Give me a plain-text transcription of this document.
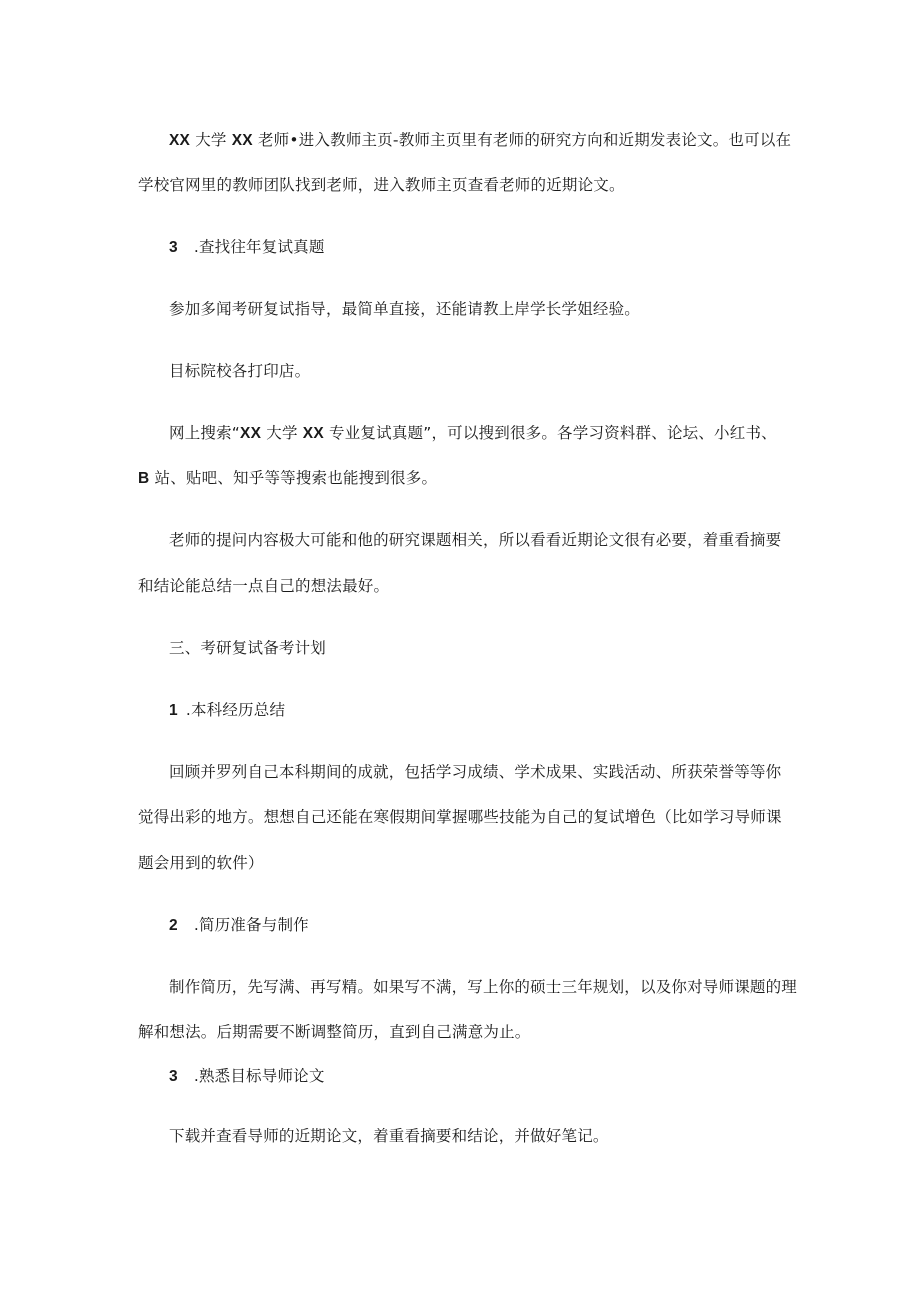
XX 大学 XX 老师•进入教师主页-教师主页里有老师的研究方向和近期发表论文。也可以在
学校官网里的教师团队找到老师，进入教师主页查看老师的近期论文。
3 .查找往年复试真题
参加多闻考研复试指导，最简单直接，还能请教上岸学长学姐经验。
目标院校各打印店。
网上搜索“XX 大学 XX 专业复试真题”，可以搜到很多。各学习资料群、论坛、小红书、
B 站、贴吧、知乎等等搜索也能搜到很多。
老师的提问内容极大可能和他的研究课题相关，所以看看近期论文很有必要，着重看摘要
和结论能总结一点自己的想法最好。
三、考研复试备考计划
1 .本科经历总结
回顾并罗列自己本科期间的成就，包括学习成绩、学术成果、实践活动、所获荣誉等等你
觉得出彩的地方。想想自己还能在寒假期间掌握哪些技能为自己的复试增色（比如学习导师课
题会用到的软件）
2 .简历准备与制作
制作简历，先写满、再写精。如果写不满，写上你的硕士三年规划，以及你对导师课题的理
解和想法。后期需要不断调整简历，直到自己满意为止。
3 .熟悉目标导师论文
下载并查看导师的近期论文，着重看摘要和结论，并做好笔记。
